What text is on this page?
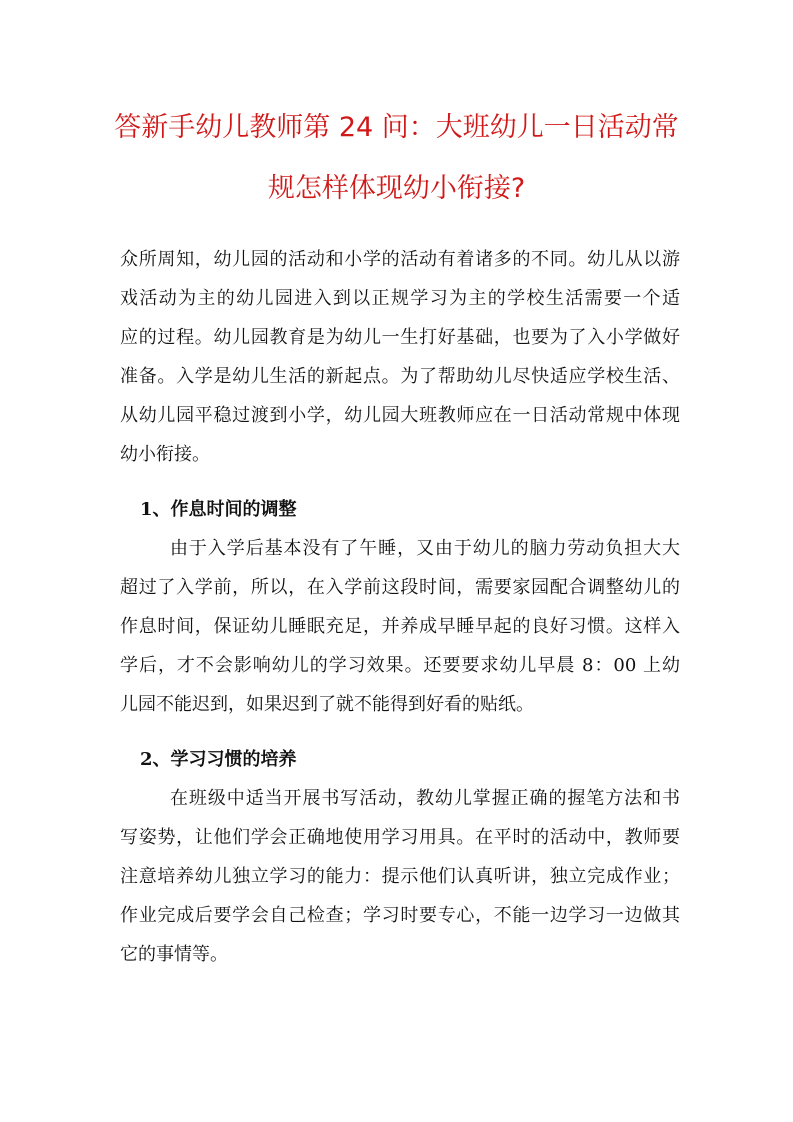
答新手幼儿教师第 24 问：大班幼儿一日活动常
规怎样体现幼小衔接?
众所周知，幼儿园的活动和小学的活动有着诸多的不同。幼儿从以游
戏活动为主的幼儿园进入到以正规学习为主的学校生活需要一个适
应的过程。幼儿园教育是为幼儿一生打好基础，也要为了入小学做好
准备。入学是幼儿生活的新起点。为了帮助幼儿尽快适应学校生活、
从幼儿园平稳过渡到小学，幼儿园大班教师应在一日活动常规中体现
幼小衔接。
1、作息时间的调整
由于入学后基本没有了午睡，又由于幼儿的脑力劳动负担大大
超过了入学前，所以，在入学前这段时间，需要家园配合调整幼儿的
作息时间，保证幼儿睡眠充足，并养成早睡早起的良好习惯。这样入
学后，才不会影响幼儿的学习效果。还要要求幼儿早晨 8：00 上幼
儿园不能迟到，如果迟到了就不能得到好看的贴纸。
2、学习习惯的培养
在班级中适当开展书写活动，教幼儿掌握正确的握笔方法和书
写姿势，让他们学会正确地使用学习用具。在平时的活动中，教师要
注意培养幼儿独立学习的能力：提示他们认真听讲，独立完成作业；
作业完成后要学会自己检查；学习时要专心，不能一边学习一边做其
它的事情等。
